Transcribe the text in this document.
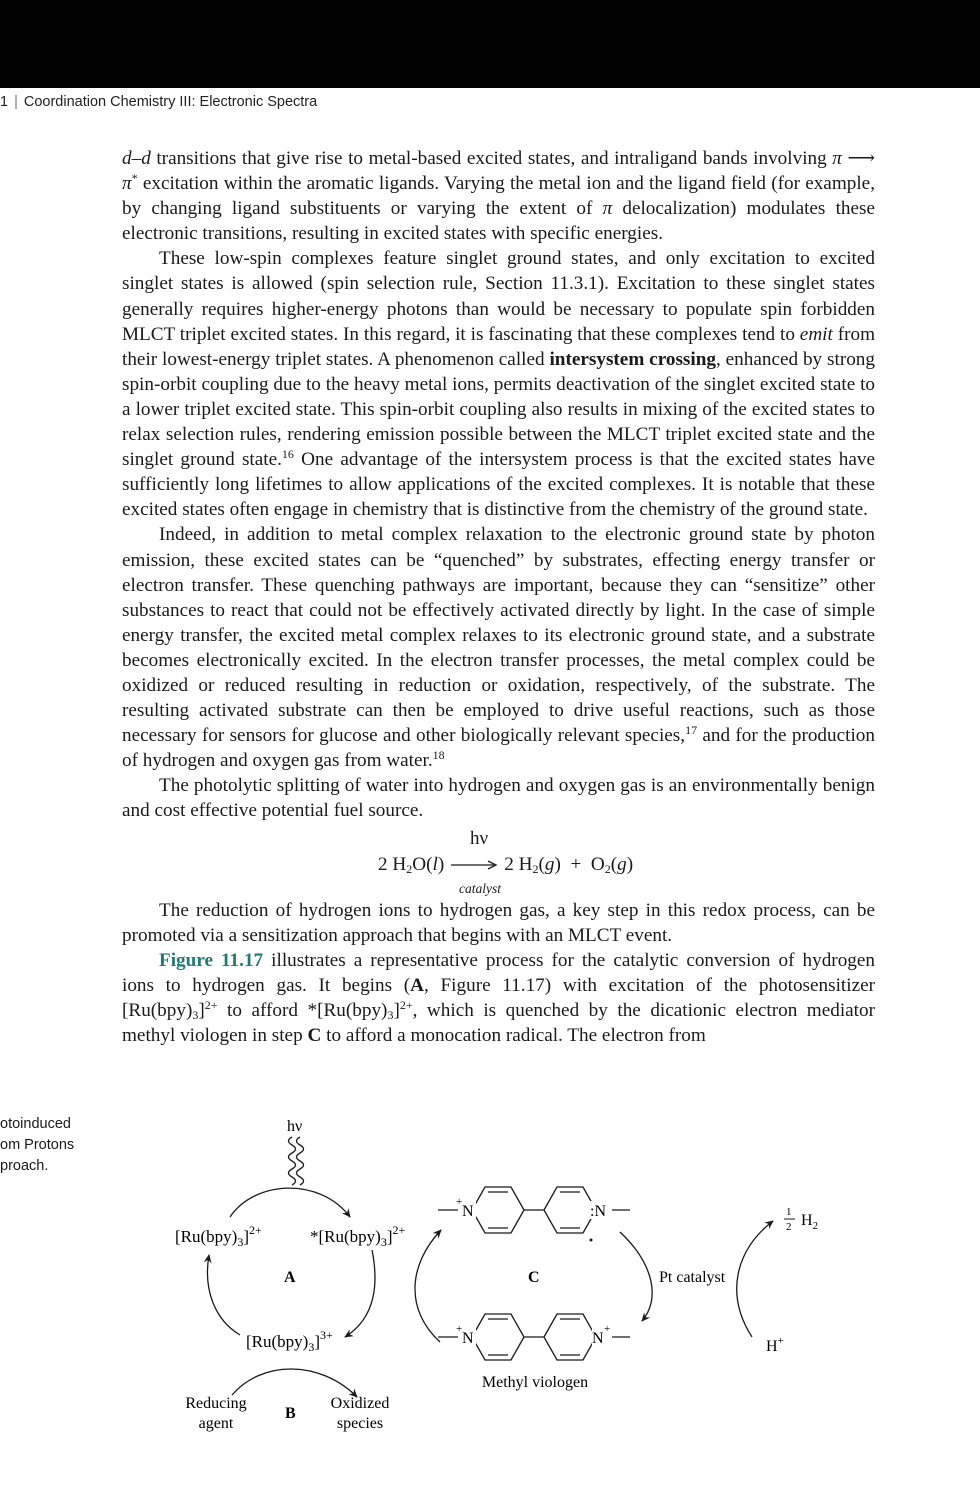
1 | Coordination Chemistry III: Electronic Spectra

d–d transitions that give rise to metal-based excited states, and intraligand bands involving π ⟶ π* excitation within the aromatic ligands. Varying the metal ion and the ligand field (for example, by changing ligand substituents or varying the extent of π delocalization) modulates these electronic transitions, resulting in excited states with specific energies.

These low-spin complexes feature singlet ground states, and only excitation to excited singlet states is allowed (spin selection rule, Section 11.3.1). Excitation to these singlet states generally requires higher-energy photons than would be necessary to populate spin forbidden MLCT triplet excited states. In this regard, it is fascinating that these complexes tend to emit from their lowest-energy triplet states. A phenomenon called intersystem crossing, enhanced by strong spin-orbit coupling due to the heavy metal ions, permits deactivation of the singlet excited state to a lower triplet excited state. This spin-orbit coupling also results in mixing of the excited states to relax selection rules, rendering emission possible between the MLCT triplet excited state and the singlet ground state.$^{16}$ One advantage of the intersystem process is that the excited states have sufficiently long lifetimes to allow applications of the excited complexes. It is notable that these excited states often engage in chemistry that is distinctive from the chemistry of the ground state.

Indeed, in addition to metal complex relaxation to the electronic ground state by photon emission, these excited states can be “quenched” by substrates, effecting energy transfer or electron transfer. These quenching pathways are important, because they can “sensitize” other substances to react that could not be effectively activated directly by light. In the case of simple energy transfer, the excited metal complex relaxes to its electronic ground state, and a substrate becomes electronically excited. In the electron transfer processes, the metal complex could be oxidized or reduced resulting in reduction or oxidation, respectively, of the substrate. The resulting activated substrate can then be employed to drive useful reactions, such as those necessary for sensors for glucose and other biologically relevant species,$^{17}$ and for the production of hydrogen and oxygen gas from water.$^{18}$

The photolytic splitting of water into hydrogen and oxygen gas is an environmentally benign and cost effective potential fuel source.

hν
2 $H_2O(l) \to 2$ $H_2(g) + O_2(g)$
catalyst

The reduction of hydrogen ions to hydrogen gas, a key step in this redox process, can be promoted via a sensitization approach that begins with an MLCT event.

Figure 11.17 illustrates a representative process for the catalytic conversion of hydrogen ions to hydrogen gas. It begins (A, Figure 11.17) with excitation of the photosensitizer $[Ru(bpy)_3]^{2+}$ to afford $*[Ru(bpy)_3]^{2+}$, which is quenched by the dicationic electron mediator methyl viologen in step C to afford a monocation radical. The electron from

otoinduced
om Protons
proach.
hν
$[Ru(bpy)_3]^{2+}$	$*[Ru(bpy)_3]^{2+}$
$[Ru(bpy)_3]^{3+}$
A
B
Reducing
agent
Oxidized
species
N
+
:N
C
N
+
N
+
Methyl viologen
Pt catalyst
1
2 $H_2$
H+
